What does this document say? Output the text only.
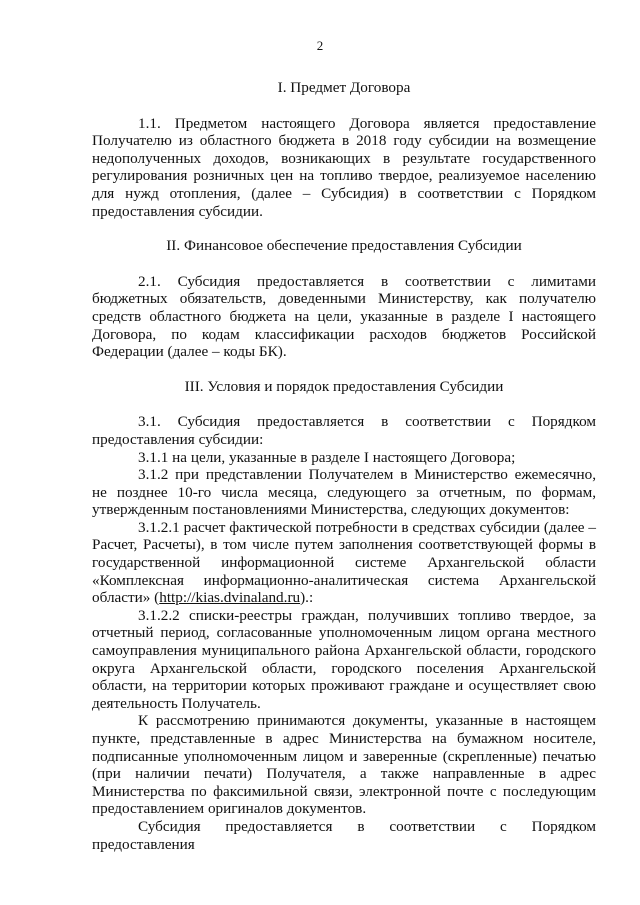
2
I. Предмет Договора

1.1. Предметом настоящего Договора является предоставление Получателю из областного бюджета в 2018 году субсидии на возмещение недополученных доходов, возникающих в результате государственного регулирования розничных цен на топливо твердое, реализуемое населению для нужд отопления, (далее – Субсидия) в соответствии с Порядком предоставления субсидии.

II. Финансовое обеспечение предоставления Субсидии

2.1. Субсидия предоставляется в соответствии с лимитами бюджетных обязательств, доведенными Министерству, как получателю средств областного бюджета на цели, указанные в разделе I настоящего Договора, по кодам классификации расходов бюджетов Российской Федерации (далее – коды БК).

III. Условия и порядок предоставления Субсидии

3.1. Субсидия предоставляется в соответствии с Порядком предоставления субсидии:

3.1.1 на цели, указанные в разделе I настоящего Договора;

3.1.2 при представлении Получателем в Министерство ежемесячно, не позднее 10-го числа месяца, следующего за отчетным, по формам, утвержденным постановлениями Министерства, следующих документов:

3.1.2.1 расчет фактической потребности в средствах субсидии (далее – Расчет, Расчеты), в том числе путем заполнения соответствующей формы в государственной информационной системе Архангельской области «Комплексная информационно-аналитическая система Архангельской области» (http://kias.dvinaland.ru).:

3.1.2.2 списки-реестры граждан, получивших топливо твердое, за отчетный период, согласованные уполномоченным лицом органа местного самоуправления муниципального района Архангельской области, городского округа Архангельской области, городского поселения Архангельской области, на территории которых проживают граждане и осуществляет свою деятельность Получатель.

К рассмотрению принимаются документы, указанные в настоящем пункте, представленные в адрес Министерства на бумажном носителе, подписанные уполномоченным лицом и заверенные (скрепленные) печатью (при наличии печати) Получателя, а также направленные в адрес Министерства по факсимильной связи, электронной почте с последующим предоставлением оригиналов документов.

Субсидия предоставляется в соответствии с Порядком предоставления
